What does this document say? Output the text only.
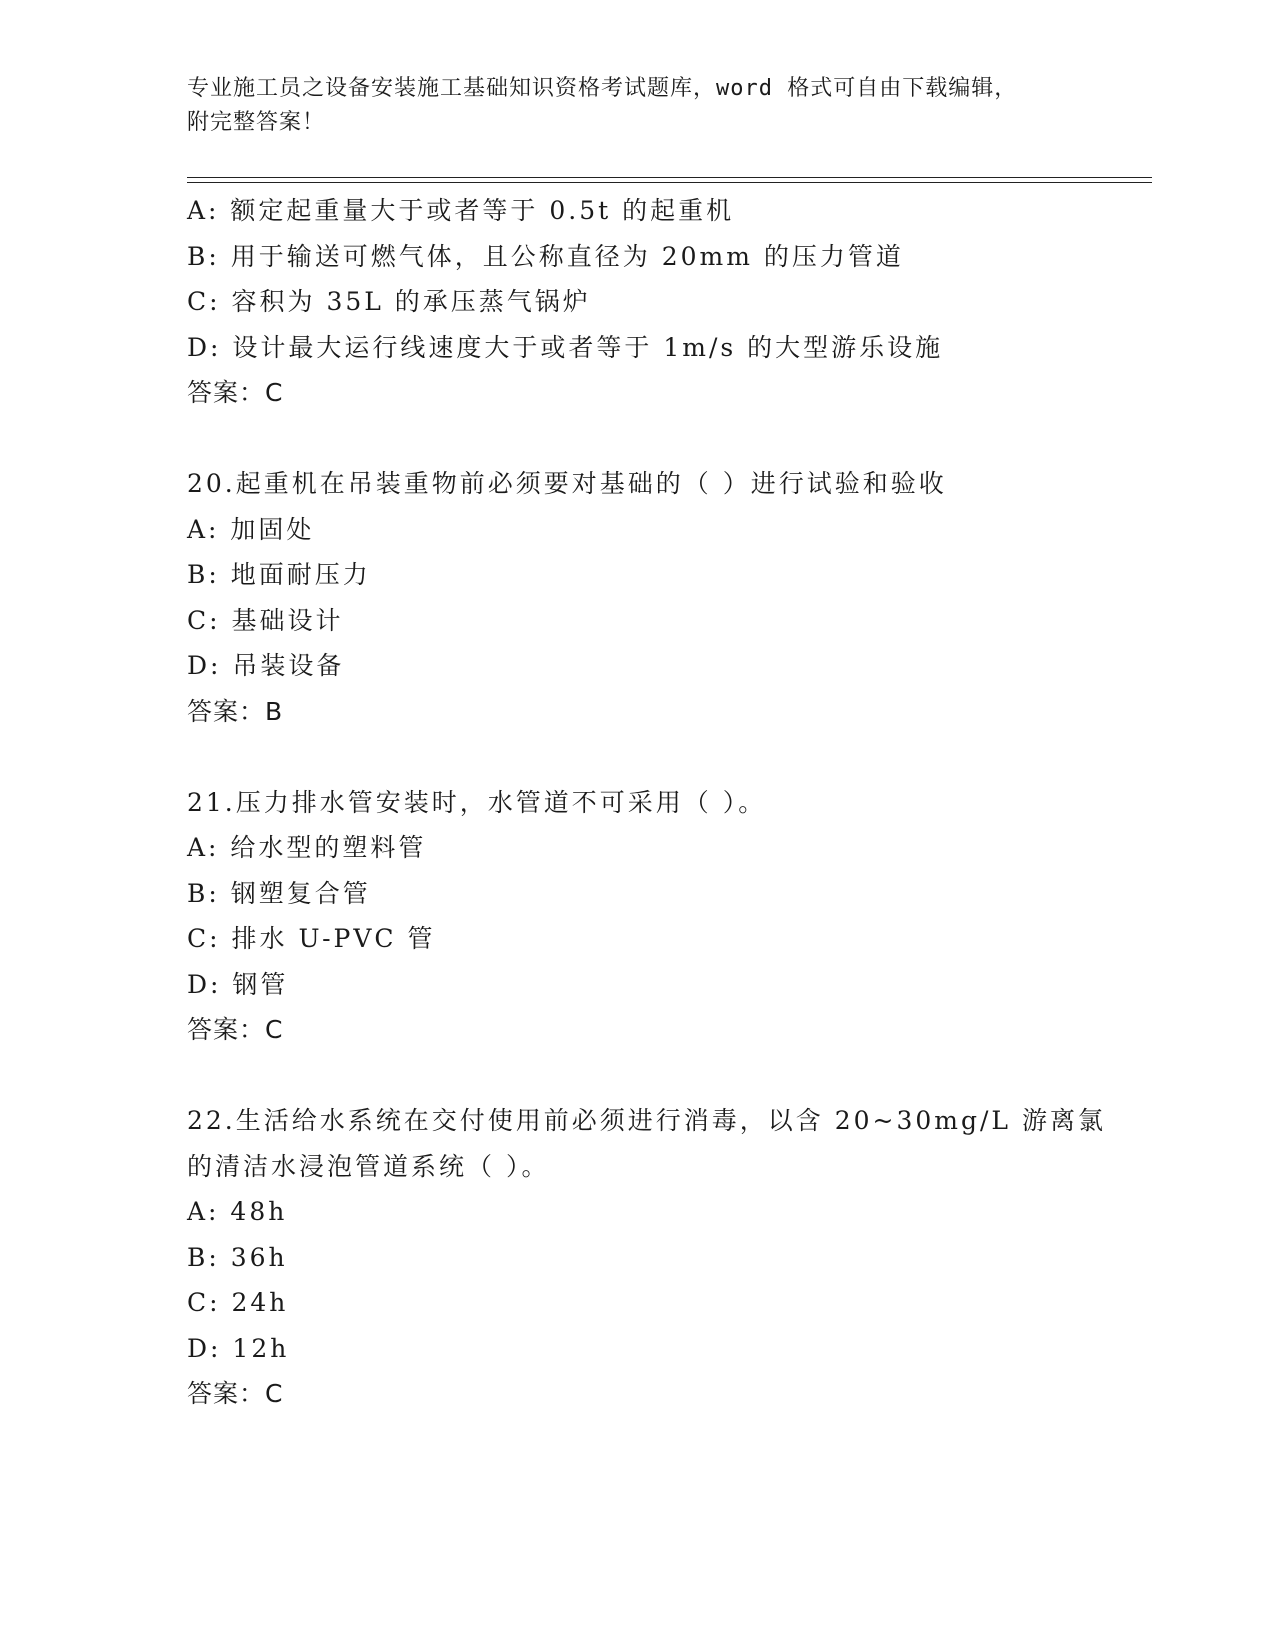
专业施工员之设备安装施工基础知识资格考试题库，word 格式可自由下载编辑，
附完整答案！
A: 额定起重量大于或者等于 0.5t 的起重机
B: 用于输送可燃气体，且公称直径为 20mm 的压力管道
C: 容积为 35L 的承压蒸气锅炉
D: 设计最大运行线速度大于或者等于 1m/s 的大型游乐设施
答案：C
20.起重机在吊装重物前必须要对基础的（ ）进行试验和验收
A: 加固处
B: 地面耐压力
C: 基础设计
D: 吊装设备
答案：B
21.压力排水管安装时，水管道不可采用（ ）。
A: 给水型的塑料管
B: 钢塑复合管
C: 排水 U-PVC 管
D: 钢管
答案：C
22.生活给水系统在交付使用前必须进行消毒，以含 20~30mg/L 游离氯
的清洁水浸泡管道系统（ ）。
A: 48h
B: 36h
C: 24h
D: 12h
答案：C
